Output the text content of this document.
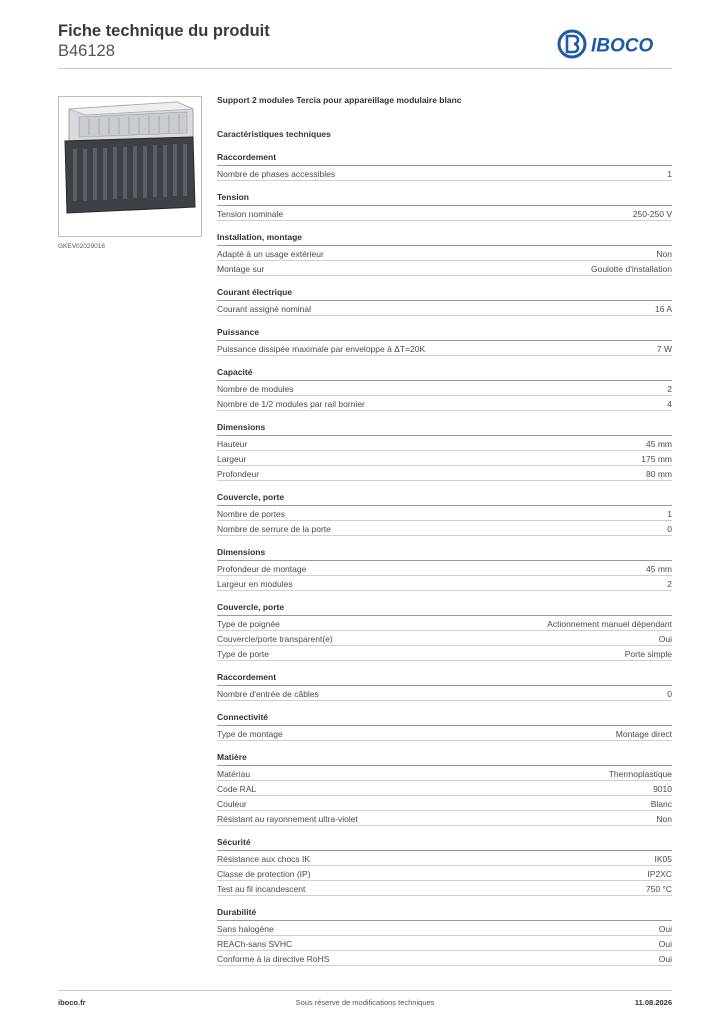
Fiche technique du produit
B46128	IBOCO
GKEV02029016
Support 2 modules Tercia pour appareillage modulaire blanc
Caractéristiques techniques
Raccordement
Nombre de phases accessibles	1
Tension
Tension nominale	250-250 V
Installation, montage
Adapté à un usage extérieur	Non
Montage sur	Goulotte d'installation
Courant électrique
Courant assigné nominal	16 A
Puissance
Puissance dissipée maximale par enveloppe à ΔT=20K	7 W
Capacité
Nombre de modules	2
Nombre de 1/2 modules par rail bornier	4
Dimensions
Hauteur	45 mm
Largeur	175 mm
Profondeur	80 mm
Couvercle, porte
Nombre de portes	1
Nombre de serrure de la porte	0
Dimensions
Profondeur de montage	45 mm
Largeur en modules	2
Couvercle, porte
Type de poignée	Actionnement manuel dépendant
Couvercle/porte transparent(e)	Oui
Type de porte	Porte simple
Raccordement
Nombre d'entrée de câbles	0
Connectivité
Type de montage	Montage direct
Matière
Matériau	Thermoplastique
Code RAL	9010
Couleur	Blanc
Résistant au rayonnement ultra-violet	Non
Sécurité
Résistance aux chocs IK	IK05
Classe de protection (IP)	IP2XC
Test au fil incandescent	750 °C
Durabilité
Sans halogène	Oui
REACh-sans SVHC	Oui
Conforme à la directive RoHS	Oui
iboco.fr	Sous réserve de modifications techniques	11.08.2026
